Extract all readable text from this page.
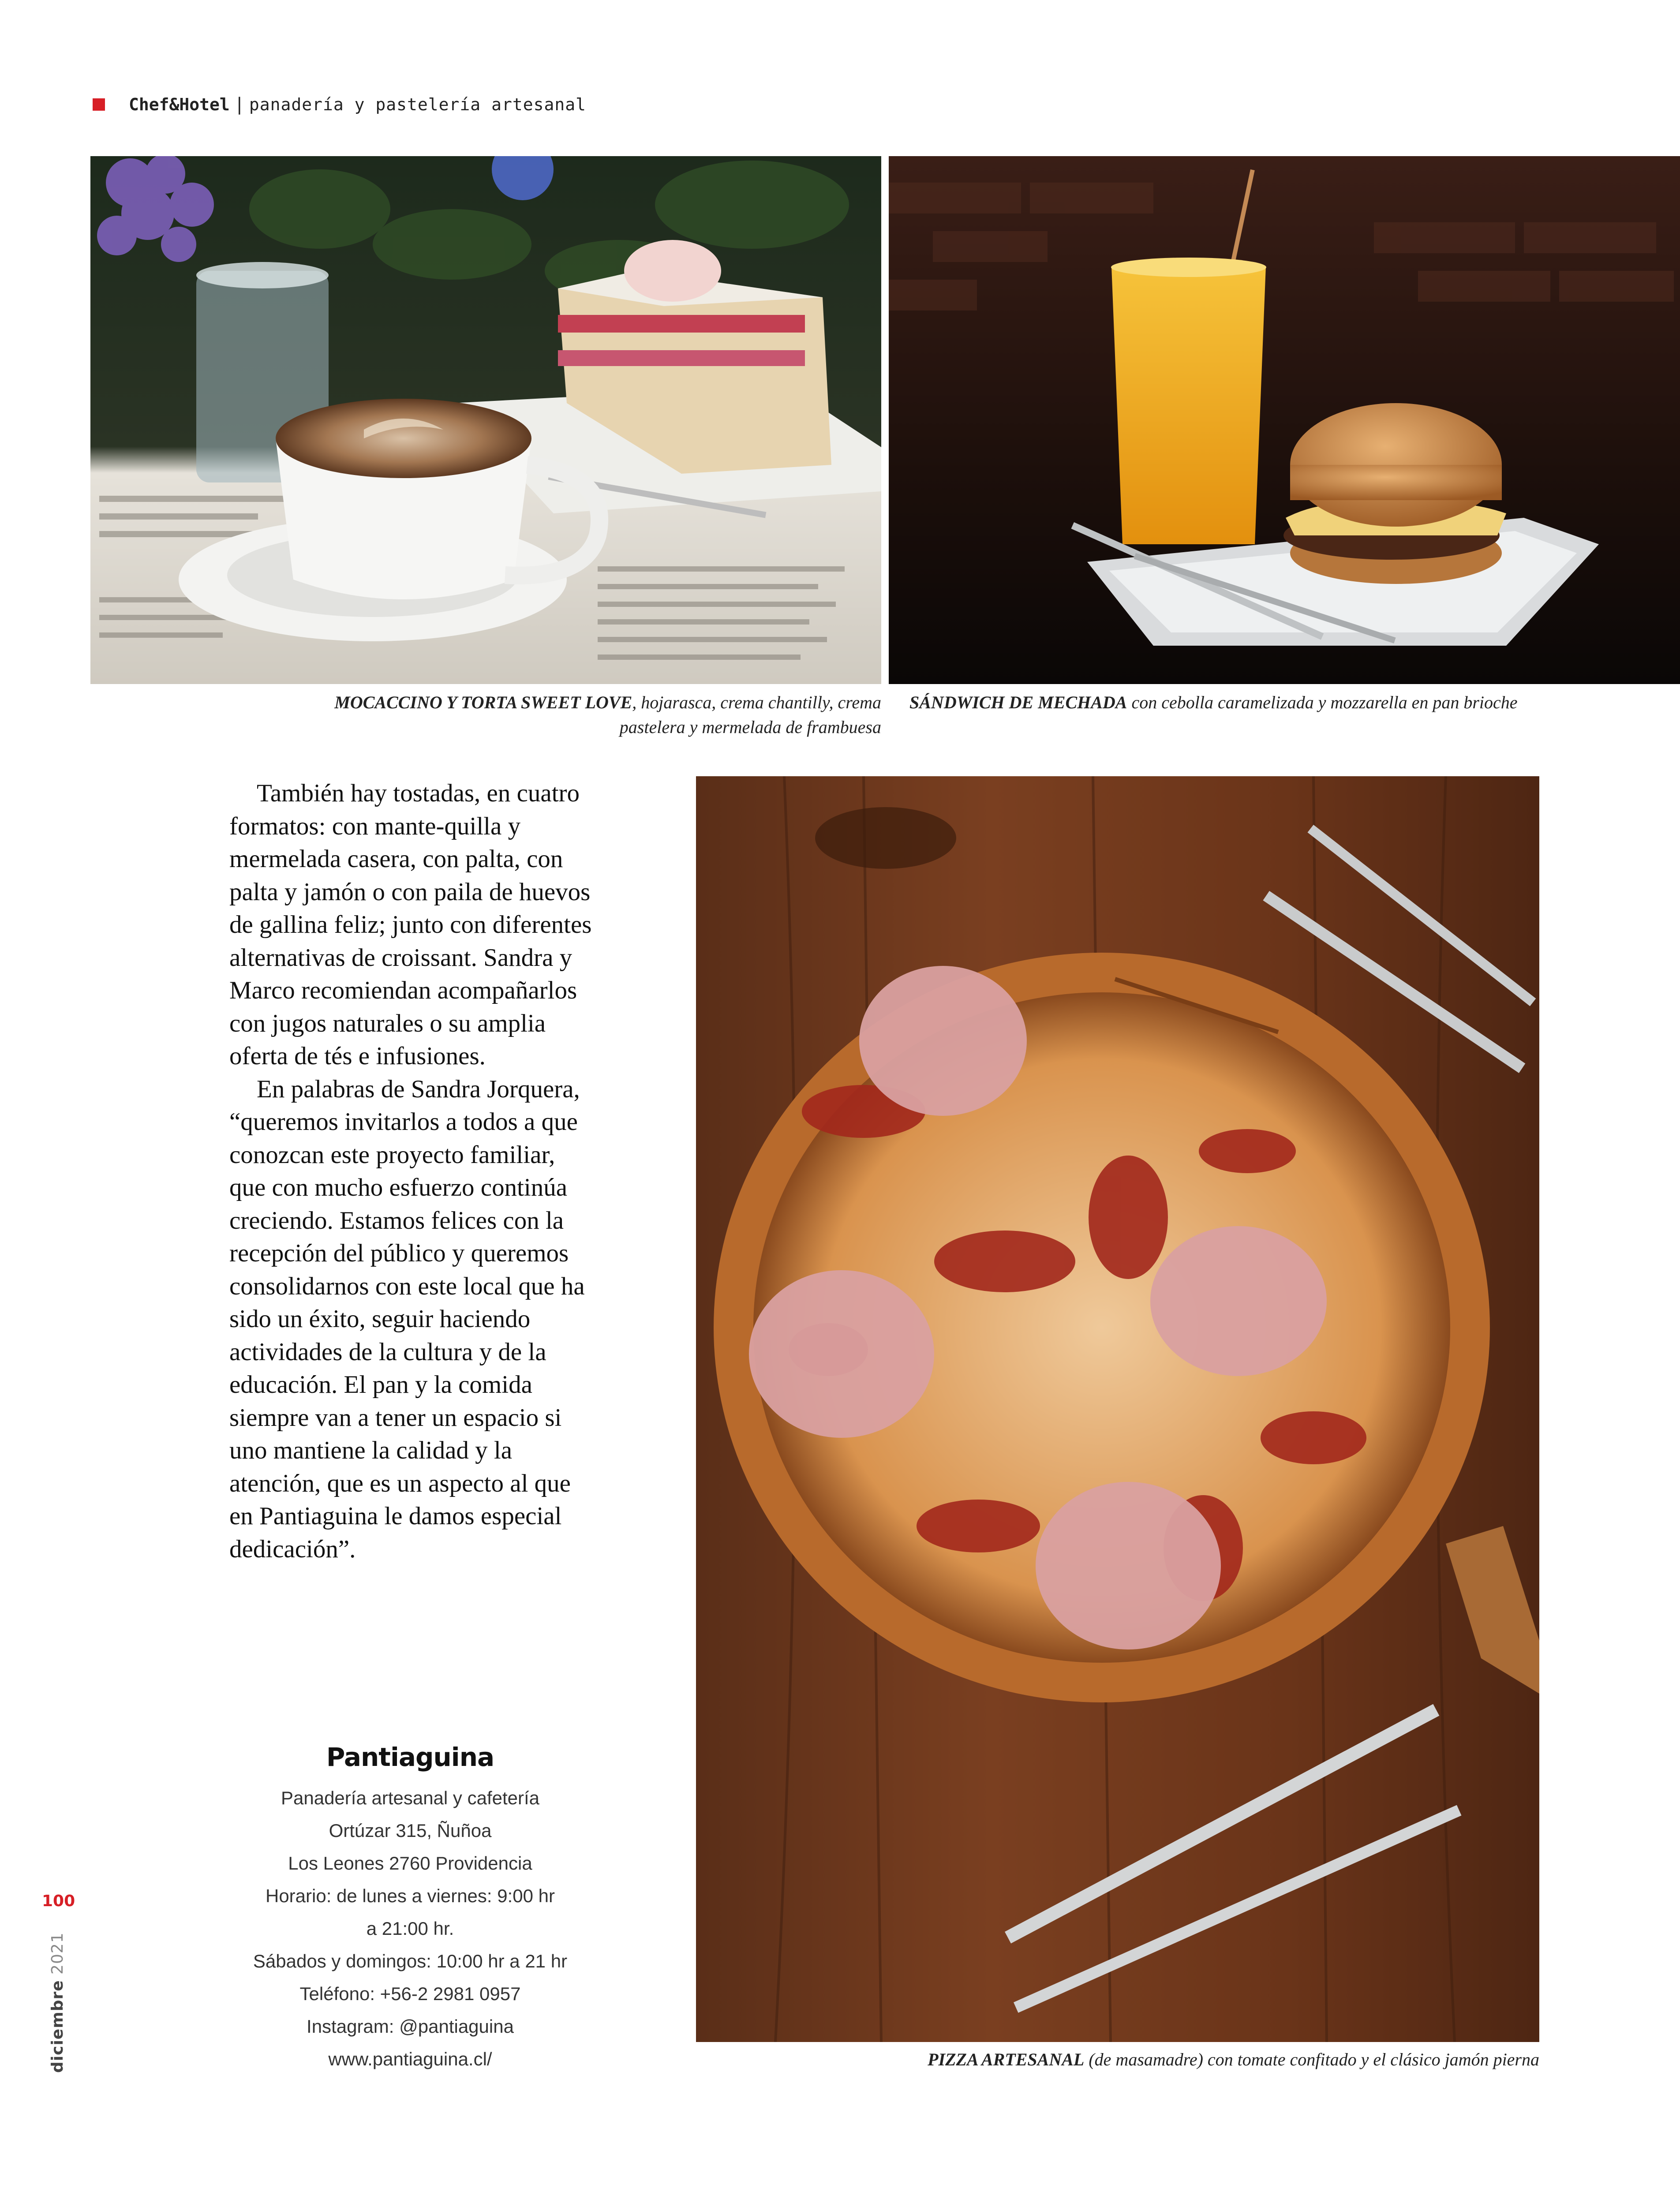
Chef&Hotel | panadería y pastelería artesanal
MOCACCINO Y TORTA SWEET LOVE, hojarasca, crema chantilly, crema pastelera y mermelada de frambuesa
SÁNDWICH DE MECHADA con cebolla caramelizada y mozzarella en pan brioche

También hay tostadas, en cuatro formatos: con mante-quilla y mermelada casera, con palta, con palta y jamón o con paila de huevos de gallina feliz; junto con diferentes alternativas de croissant. Sandra y Marco recomiendan acompañarlos con jugos naturales o su amplia oferta de tés e infusiones.

En palabras de Sandra Jorquera, “queremos invitarlos a todos a que conozcan este proyecto familiar, que con mucho esfuerzo continúa creciendo. Estamos felices con la recepción del público y queremos consolidarnos con este local que ha sido un éxito, seguir haciendo actividades de la cultura y de la educación. El pan y la comida siempre van a tener un espacio si uno mantiene la calidad y la atención, que es un aspecto al que en Pantiaguina le damos especial dedicación”.

PIZZA ARTESANAL (de masamadre) con tomate confitado y el clásico jamón pierna
Pantiaguina
Panadería artesanal y cafetería
Ortúzar 315, Ñuñoa
Los Leones 2760 Providencia
Horario: de lunes a viernes: 9:00 hr
a 21:00 hr.
Sábados y domingos: 10:00 hr a 21 hr
Teléfono: +56-2 2981 0957
Instagram: @pantiaguina
www.pantiaguina.cl/
100
diciembre 2021
